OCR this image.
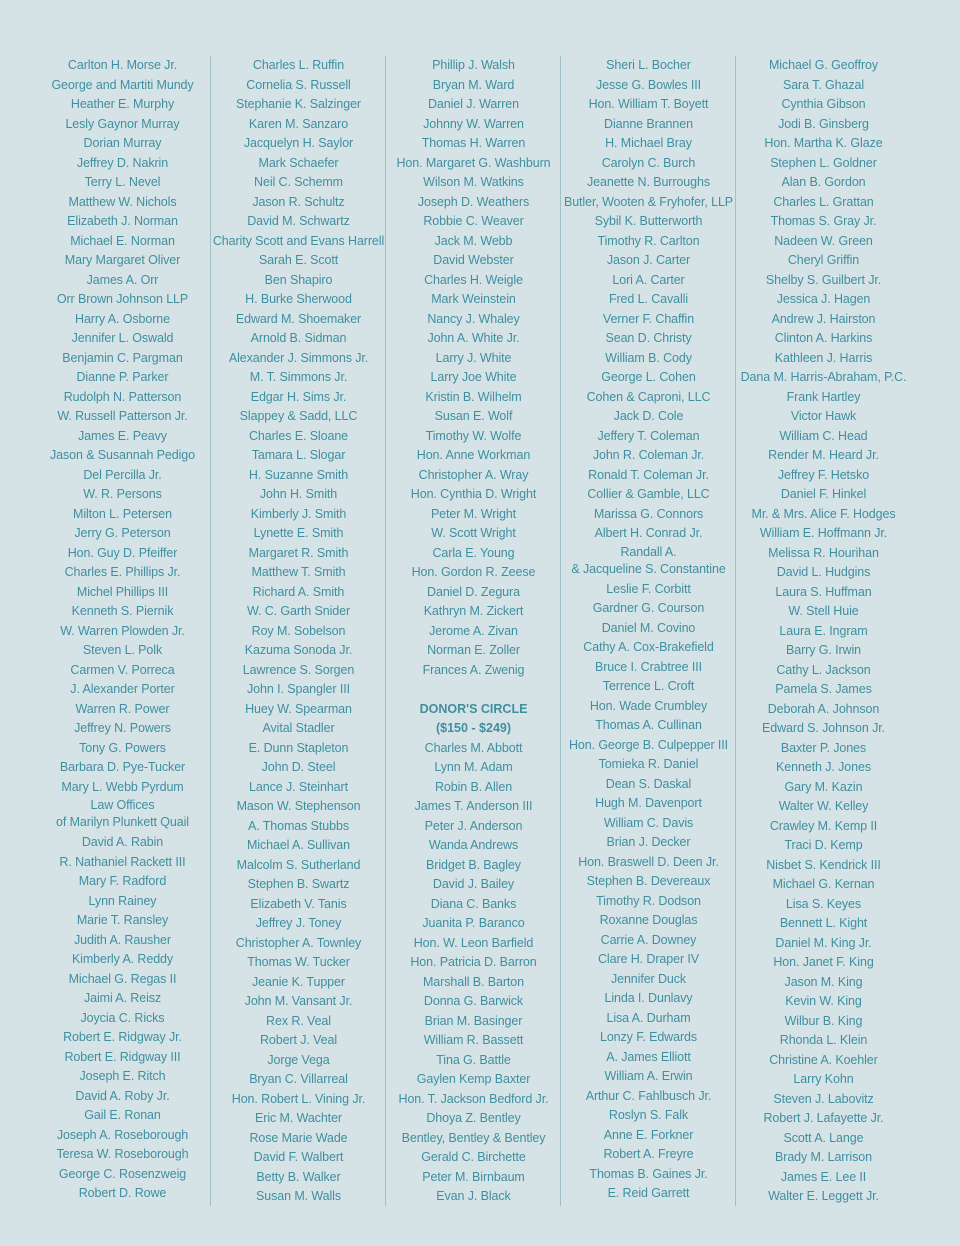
Carlton H. Morse Jr.
George and Martiti Mundy
Heather E. Murphy
Lesly Gaynor Murray
Dorian Murray
Jeffrey D. Nakrin
Terry L. Nevel
Matthew W. Nichols
Elizabeth J. Norman
Michael E. Norman
Mary Margaret Oliver
James A. Orr
Orr Brown Johnson LLP
Harry A. Osborne
Jennifer L. Oswald
Benjamin C. Pargman
Dianne P. Parker
Rudolph N. Patterson
W. Russell Patterson Jr.
James E. Peavy
Jason & Susannah Pedigo
Del Percilla Jr.
W. R. Persons
Milton L. Petersen
Jerry G. Peterson
Hon. Guy D. Pfeiffer
Charles E. Phillips Jr.
Michel Phillips III
Kenneth S. Piernik
W. Warren Plowden Jr.
Steven L. Polk
Carmen V. Porreca
J. Alexander Porter
Warren R. Power
Jeffrey N. Powers
Tony G. Powers
Barbara D. Pye-Tucker
Mary L. Webb Pyrdum
Law Offices
of Marilyn Plunkett Quail
David A. Rabin
R. Nathaniel Rackett III
Mary F. Radford
Lynn Rainey
Marie T. Ransley
Judith A. Rausher
Kimberly A. Reddy
Michael G. Regas II
Jaimi A. Reisz
Joycia C. Ricks
Robert E. Ridgway Jr.
Robert E. Ridgway III
Joseph E. Ritch
David A. Roby Jr.
Gail E. Ronan
Joseph A. Roseborough
Teresa W. Roseborough
George C. Rosenzweig
Robert D. Rowe
Charles L. Ruffin
Cornelia S. Russell
Stephanie K. Salzinger
Karen M. Sanzaro
Jacquelyn H. Saylor
Mark Schaefer
Neil C. Schemm
Jason R. Schultz
David M. Schwartz
Charity Scott and Evans Harrell
Sarah E. Scott
Ben Shapiro
H. Burke Sherwood
Edward M. Shoemaker
Arnold B. Sidman
Alexander J. Simmons Jr.
M. T. Simmons Jr.
Edgar H. Sims Jr.
Slappey & Sadd, LLC
Charles E. Sloane
Tamara L. Slogar
H. Suzanne Smith
John H. Smith
Kimberly J. Smith
Lynette E. Smith
Margaret R. Smith
Matthew T. Smith
Richard A. Smith
W. C. Garth Snider
Roy M. Sobelson
Kazuma Sonoda Jr.
Lawrence S. Sorgen
John I. Spangler III
Huey W. Spearman
Avital Stadler
E. Dunn Stapleton
John D. Steel
Lance J. Steinhart
Mason W. Stephenson
A. Thomas Stubbs
Michael A. Sullivan
Malcolm S. Sutherland
Stephen B. Swartz
Elizabeth V. Tanis
Jeffrey J. Toney
Christopher A. Townley
Thomas W. Tucker
Jeanie K. Tupper
John M. Vansant Jr.
Rex R. Veal
Robert J. Veal
Jorge Vega
Bryan C. Villarreal
Hon. Robert L. Vining Jr.
Eric M. Wachter
Rose Marie Wade
David F. Walbert
Betty B. Walker
Susan M. Walls
Phillip J. Walsh
Bryan M. Ward
Daniel J. Warren
Johnny W. Warren
Thomas H. Warren
Hon. Margaret G. Washburn
Wilson M. Watkins
Joseph D. Weathers
Robbie C. Weaver
Jack M. Webb
David Webster
Charles H. Weigle
Mark Weinstein
Nancy J. Whaley
John A. White Jr.
Larry J. White
Larry Joe White
Kristin B. Wilhelm
Susan E. Wolf
Timothy W. Wolfe
Hon. Anne Workman
Christopher A. Wray
Hon. Cynthia D. Wright
Peter M. Wright
W. Scott Wright
Carla E. Young
Hon. Gordon R. Zeese
Daniel D. Zegura
Kathryn M. Zickert
Jerome A. Zivan
Norman E. Zoller
Frances A. Zwenig
DONOR'S CIRCLE
($150 - $249)
Charles M. Abbott
Lynn M. Adam
Robin B. Allen
James T. Anderson III
Peter J. Anderson
Wanda Andrews
Bridget B. Bagley
David J. Bailey
Diana C. Banks
Juanita P. Baranco
Hon. W. Leon Barfield
Hon. Patricia D. Barron
Marshall B. Barton
Donna G. Barwick
Brian M. Basinger
William R. Bassett
Tina G. Battle
Gaylen Kemp Baxter
Hon. T. Jackson Bedford Jr.
Dhoya Z. Bentley
Bentley, Bentley & Bentley
Gerald C. Birchette
Peter M. Birnbaum
Evan J. Black
Sheri L. Bocher
Jesse G. Bowles III
Hon. William T. Boyett
Dianne Brannen
H. Michael Bray
Carolyn C. Burch
Jeanette N. Burroughs
Butler, Wooten & Fryhofer, LLP
Sybil K. Butterworth
Timothy R. Carlton
Jason J. Carter
Lori A. Carter
Fred L. Cavalli
Verner F. Chaffin
Sean D. Christy
William B. Cody
George L. Cohen
Cohen & Caproni, LLC
Jack D. Cole
Jeffery T. Coleman
John R. Coleman Jr.
Ronald T. Coleman Jr.
Collier & Gamble, LLC
Marissa G. Connors
Albert H. Conrad Jr.
Randall A.
& Jacqueline S. Constantine
Leslie F. Corbitt
Gardner G. Courson
Daniel M. Covino
Cathy A. Cox-Brakefield
Bruce I. Crabtree III
Terrence L. Croft
Hon. Wade Crumbley
Thomas A. Cullinan
Hon. George B. Culpepper III
Tomieka R. Daniel
Dean S. Daskal
Hugh M. Davenport
William C. Davis
Brian J. Decker
Hon. Braswell D. Deen Jr.
Stephen B. Devereaux
Timothy R. Dodson
Roxanne Douglas
Carrie A. Downey
Clare H. Draper IV
Jennifer Duck
Linda I. Dunlavy
Lisa A. Durham
Lonzy F. Edwards
A. James Elliott
William A. Erwin
Arthur C. Fahlbusch Jr.
Roslyn S. Falk
Anne E. Forkner
Robert A. Freyre
Thomas B. Gaines Jr.
E. Reid Garrett
Michael G. Geoffroy
Sara T. Ghazal
Cynthia Gibson
Jodi B. Ginsberg
Hon. Martha K. Glaze
Stephen L. Goldner
Alan B. Gordon
Charles L. Grattan
Thomas S. Gray Jr.
Nadeen W. Green
Cheryl Griffin
Shelby S. Guilbert Jr.
Jessica J. Hagen
Andrew J. Hairston
Clinton A. Harkins
Kathleen J. Harris
Dana M. Harris-Abraham, P.C.
Frank Hartley
Victor Hawk
William C. Head
Render M. Heard Jr.
Jeffrey F. Hetsko
Daniel F. Hinkel
Mr. & Mrs. Alice F. Hodges
William E. Hoffmann Jr.
Melissa R. Hourihan
David L. Hudgins
Laura S. Huffman
W. Stell Huie
Laura E. Ingram
Barry G. Irwin
Cathy L. Jackson
Pamela S. James
Deborah A. Johnson
Edward S. Johnson Jr.
Baxter P. Jones
Kenneth J. Jones
Gary M. Kazin
Walter W. Kelley
Crawley M. Kemp II
Traci D. Kemp
Nisbet S. Kendrick III
Michael G. Kernan
Lisa S. Keyes
Bennett L. Kight
Daniel M. King Jr.
Hon. Janet F. King
Jason M. King
Kevin W. King
Wilbur B. King
Rhonda L. Klein
Christine A. Koehler
Larry Kohn
Steven J. Labovitz
Robert J. Lafayette Jr.
Scott A. Lange
Brady M. Larrison
James E. Lee II
Walter E. Leggett Jr.
